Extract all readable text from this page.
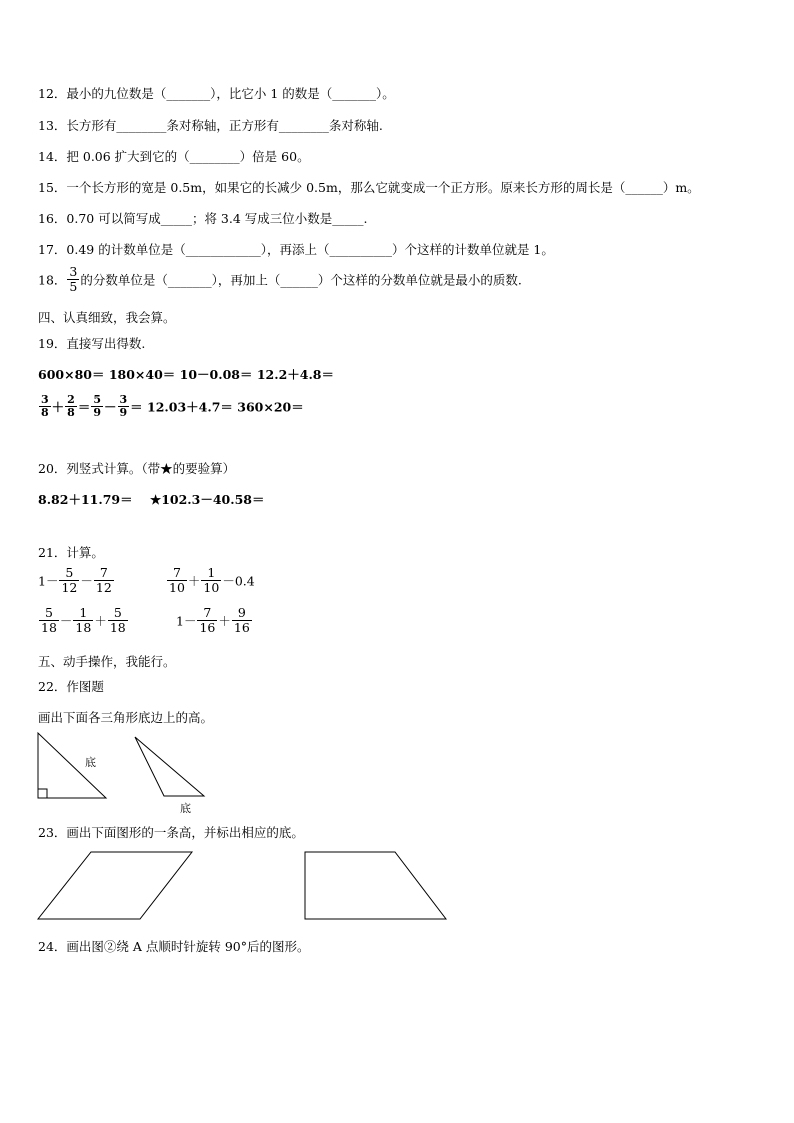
12．最小的九位数是（_______），比它小 1 的数是（_______）。
13．长方形有________条对称轴，正方形有________条对称轴.
14．把 0.06 扩大到它的（________）倍是 60。
15．一个长方形的宽是 0.5m，如果它的长减少 0.5m，那么它就变成一个正方形。原来长方形的周长是（______）m。
16．0.70 可以简写成_____；将 3.4 写成三位小数是_____.
17．0.49 的计数单位是（____________），再添上（__________）个这样的计数单位就是 1。
18． $\frac{3}{5}$ 的分数单位是（_______），再加上（______）个这样的分数单位就是最小的质数.
四、认真细致，我会算。
19．直接写出得数.
600×80＝ 180×40＝ 10－0.08＝ 12.2＋4.8＝
$\frac{3}{8} + \frac{2}{8} = \frac{5}{9} - \frac{3}{9} = 12.03+4.7= 360\times 20=$
20．列竖式计算。（带★的要验算）
8.82＋11.79＝ ★102.3－40.58＝
21．计算。
$1- \frac{5}{12} - \frac{7}{12}$	$\frac{7}{10} + \frac{1}{10} -0.4$
$\frac{5}{18} - \frac{1}{18} + \frac{5}{18}$	$1- \frac{7}{16} + \frac{9}{16}$
五、动手操作，我能行。
22．作图题
画出下面各三角形底边上的高。
底
底
23．画出下面图形的一条高，并标出相应的底。
24．画出图②绕 A 点顺时针旋转 90°后的图形。
